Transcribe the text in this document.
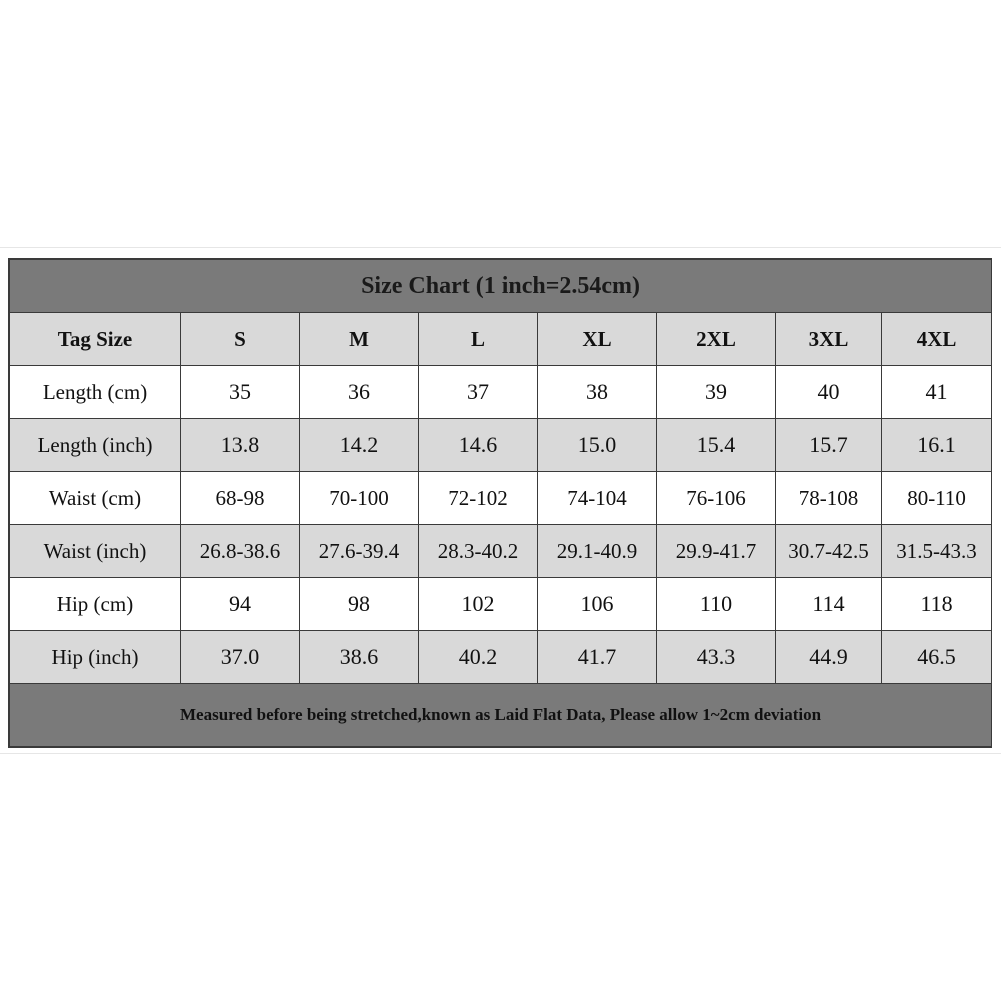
Size Chart (1 inch=2.54cm)							
Tag Size	S	M	L	XL	2XL	3XL	4XL
Length (cm)	35	36	37	38	39	40	41
Length (inch)	13.8	14.2	14.6	15.0	15.4	15.7	16.1
Waist (cm)	68-98	70-100	72-102	74-104	76-106	78-108	80-110
Waist (inch)	26.8-38.6	27.6-39.4	28.3-40.2	29.1-40.9	29.9-41.7	30.7-42.5	31.5-43.3
Hip (cm)	94	98	102	106	110	114	118
Hip (inch)	37.0	38.6	40.2	41.7	43.3	44.9	46.5
Measured before being stretched,known as Laid Flat Data, Please allow 1~2cm deviation							
